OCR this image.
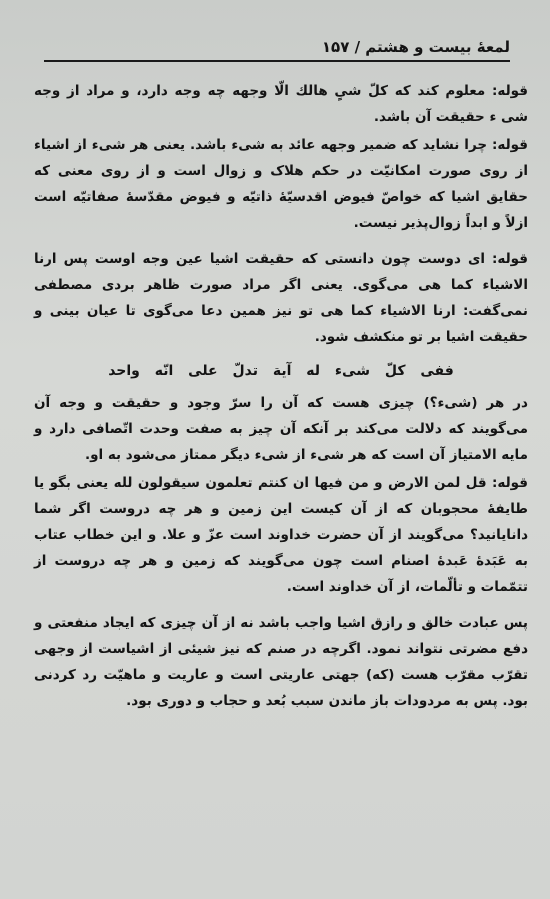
لمعهٔ بیست و هشتم / ۱۵۷

قوله: معلوم کند که کلّ شیٍ هالك الّا وجهه چه وجه دارد، و مراد از وجه شی ء حقیقت آن باشد.

قوله: چرا نشاید که ضمیر وجهه عائد به شیء باشد. یعنی هر شیء از اشیاء از روی صورت امکانیّت در حکم هلاک و زوال است و از روی معنی که حقایق اشیا که خواصّ فیوض اقدسیّهٔ ذاتیّه و فیوض مقدّسهٔ صفاتیّه است ازلاً و ابداً زوال‌پذیر نیست.

قوله: ای دوست چون دانستی که حقیقت اشیا عین وجه اوست پس ارنا الاشیاء کما هی می‌گوی. یعنی اگر مراد صورت ظاهر بردی مصطفی نمی‌گفت: ارنا الاشیاء کما هی تو نیز همین دعا می‌گوی تا عیان بینی و حقیقت اشیا بر تو منکشف شود.

ففی کلّ شیء له آیة تدلّ علی انّه واحد

در هر (شیء؟) چیزی هست که آن را سرّ وجود و حقیقت و وجه آن می‌گویند که دلالت می‌کند بر آنکه آن چیز به صفت وحدت اتّصافی دارد و مایه الامتیاز آن است که هر شیء از شیء دیگر ممتاز می‌شود به او.

قوله: قل لمن الارض و من فیها ان کنتم تعلمون سیقولون لله یعنی بگو یا طایفهٔ محجوبان که از آن کیست این زمین و هر چه دروست اگر شما دانایانید؟ می‌گویند از آن حضرت خداوند است عزّ و علا. و این خطاب عتاب به عَبَدهٔ عَبدهٔ اصنام است چون می‌گویند که زمین و هر چه دروست از تتمّمات و تألّمات، از آن خداوند است.

پس عبادت خالق و رازق اشیا واجب باشد نه از آن چیزی که ایجاد منفعتی و دفع مضرتی نتواند نمود. اگرچه در صنم که نیز شیئی از اشیاست از وجهی تقرّب مقرّب هست (که) جهتی عاریتی است و عاریت و ماهیّت رد کردنی بود. پس به مردودات باز ماندن سبب بُعد و حجاب و دوری بود.
